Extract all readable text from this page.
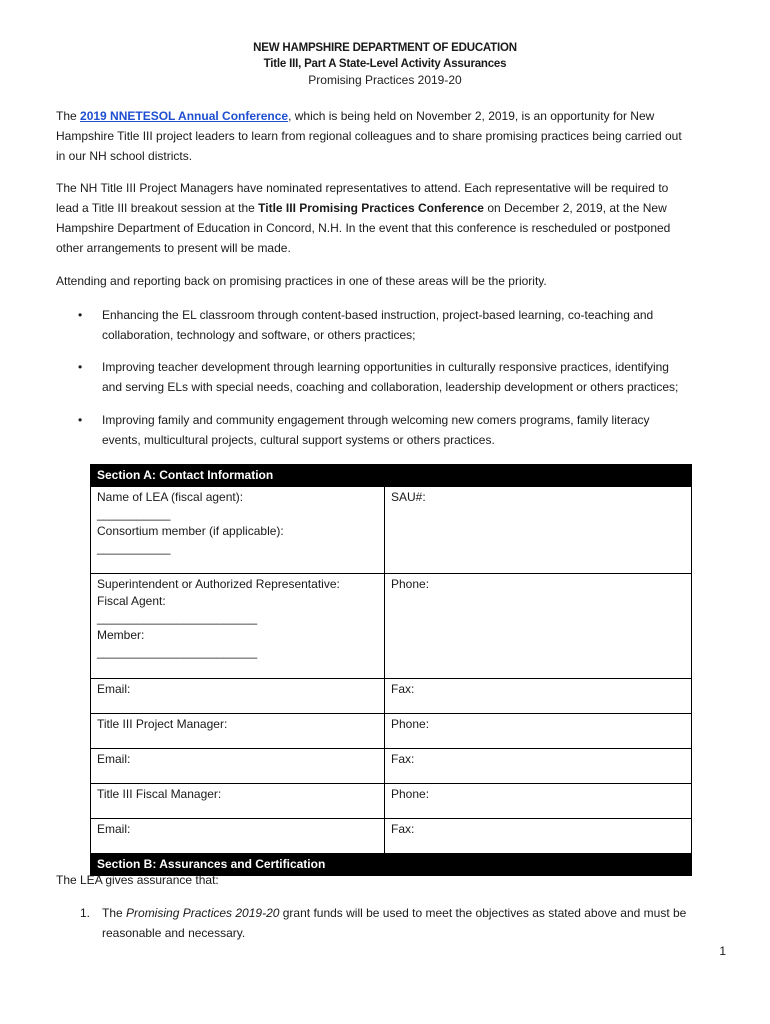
NEW HAMPSHIRE DEPARTMENT OF EDUCATION
Title III, Part A State-Level Activity Assurances
Promising Practices 2019-20
The 2019 NNETESOL Annual Conference, which is being held on November 2, 2019, is an opportunity for New
Hampshire Title III project leaders to learn from regional colleagues and to share promising practices being carried out
in our NH school districts.
The NH Title III Project Managers have nominated representatives to attend. Each representative will be required to
lead a Title III breakout session at the Title III Promising Practices Conference on December 2, 2019, at the New
Hampshire Department of Education in Concord, N.H. In the event that this conference is rescheduled or postponed
other arrangements to present will be made.
Attending and reporting back on promising practices in one of these areas will be the priority.
• Enhancing the EL classroom through content-based instruction, project-based learning, co-teaching and
collaboration, technology and software, or others practices;
• Improving teacher development through learning opportunities in culturally responsive practices, identifying
and serving ELs with special needs, coaching and collaboration, leadership development or others practices;
• Improving family and community engagement through welcoming new comers programs, family literacy
events, multicultural projects, cultural support systems or others practices.
Section A: Contact Information	

Name of LEA (fiscal agent):
___________
Consortium member (if applicable):
___________	SAU#:

Superintendent or Authorized Representative:
Fiscal Agent:
________________________
Member:
________________________	Phone:

Email:	Fax:
Title III Project Manager:	Phone:
Email:	Fax:
Title III Fiscal Manager:	Phone:
Email:	Fax:
Section B: Assurances and Certification	
The LEA gives assurance that:
1. The Promising Practices 2019-20 grant funds will be used to meet the objectives as stated above and must be
reasonable and necessary.
1
